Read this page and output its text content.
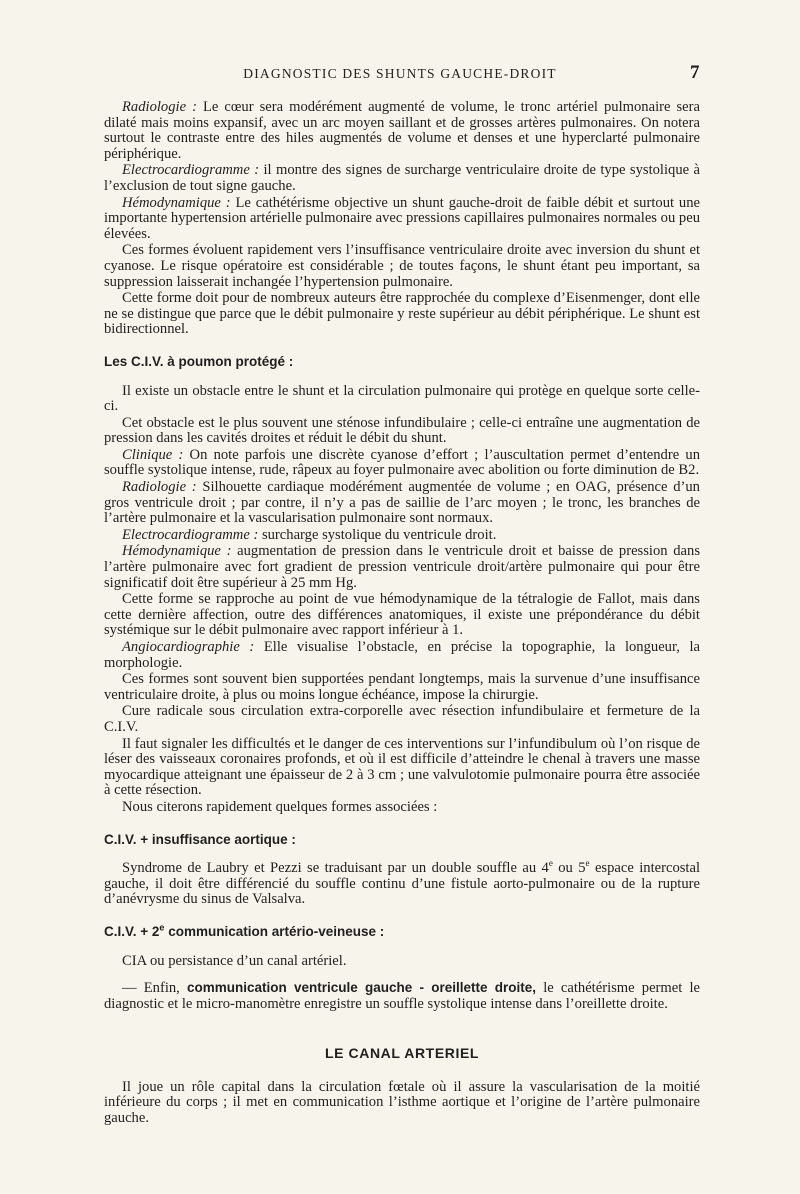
DIAGNOSTIC DES SHUNTS GAUCHE-DROIT	7

Radiologie : Le cœur sera modérément augmenté de volume, le tronc artériel pulmonaire sera dilaté mais moins expansif, avec un arc moyen saillant et de grosses artères pulmonaires. On notera surtout le contraste entre des hiles augmentés de volume et denses et une hyperclarté pulmonaire périphérique.

Electrocardiogramme : il montre des signes de surcharge ventriculaire droite de type systolique à l’exclusion de tout signe gauche.

Hémodynamique : Le cathétérisme objective un shunt gauche-droit de faible débit et surtout une importante hypertension artérielle pulmonaire avec pressions capillaires pulmonaires normales ou peu élevées.

Ces formes évoluent rapidement vers l’insuffisance ventriculaire droite avec inversion du shunt et cyanose. Le risque opératoire est considérable ; de toutes façons, le shunt étant peu important, sa suppression laisserait inchangée l’hypertension pulmonaire.

Cette forme doit pour de nombreux auteurs être rapprochée du complexe d’Eisenmenger, dont elle ne se distingue que parce que le débit pulmonaire y reste supérieur au débit périphérique. Le shunt est bidirectionnel.

Les C.I.V. à poumon protégé :

Il existe un obstacle entre le shunt et la circulation pulmonaire qui protège en quelque sorte celle-ci.

Cet obstacle est le plus souvent une sténose infundibulaire ; celle-ci entraîne une augmentation de pression dans les cavités droites et réduit le débit du shunt.

Clinique : On note parfois une discrète cyanose d’effort ; l’auscultation permet d’entendre un souffle systolique intense, rude, râpeux au foyer pulmonaire avec abolition ou forte diminution de B2.

Radiologie : Silhouette cardiaque modérément augmentée de volume ; en OAG, présence d’un gros ventricule droit ; par contre, il n’y a pas de saillie de l’arc moyen ; le tronc, les branches de l’artère pulmonaire et la vascularisation pulmonaire sont normaux.

Electrocardiogramme : surcharge systolique du ventricule droit.

Hémodynamique : augmentation de pression dans le ventricule droit et baisse de pression dans l’artère pulmonaire avec fort gradient de pression ventricule droit/artère pulmonaire qui pour être significatif doit être supérieur à 25 mm Hg.

Cette forme se rapproche au point de vue hémodynamique de la tétralogie de Fallot, mais dans cette dernière affection, outre des différences anatomiques, il existe une prépondérance du débit systémique sur le débit pulmonaire avec rapport inférieur à 1.

Angiocardiographie : Elle visualise l’obstacle, en précise la topographie, la longueur, la morphologie.

Ces formes sont souvent bien supportées pendant longtemps, mais la survenue d’une insuffisance ventriculaire droite, à plus ou moins longue échéance, impose la chirurgie.

Cure radicale sous circulation extra-corporelle avec résection infundibulaire et fermeture de la C.I.V.

Il faut signaler les difficultés et le danger de ces interventions sur l’infundibulum où l’on risque de léser des vaisseaux coronaires profonds, et où il est difficile d’atteindre le chenal à travers une masse myocardique atteignant une épaisseur de 2 à 3 cm ; une valvulotomie pulmonaire pourra être associée à cette résection.

Nous citerons rapidement quelques formes associées :

C.I.V. + insuffisance aortique :

Syndrome de Laubry et Pezzi se traduisant par un double souffle au 4e ou 5e espace intercostal gauche, il doit être différencié du souffle continu d’une fistule aorto-pulmonaire ou de la rupture d’anévrysme du sinus de Valsalva.

C.I.V. + $2^e$ communication artério-veineuse :

CIA ou persistance d’un canal artériel.

— Enfin, communication ventricule gauche - oreillette droite, le cathétérisme permet le diagnostic et le micro-manomètre enregistre un souffle systolique intense dans l’oreillette droite.

LE CANAL ARTERIEL

Il joue un rôle capital dans la circulation fœtale où il assure la vascularisation de la moitié inférieure du corps ; il met en communication l’isthme aortique et l’origine de l’artère pulmonaire gauche.
